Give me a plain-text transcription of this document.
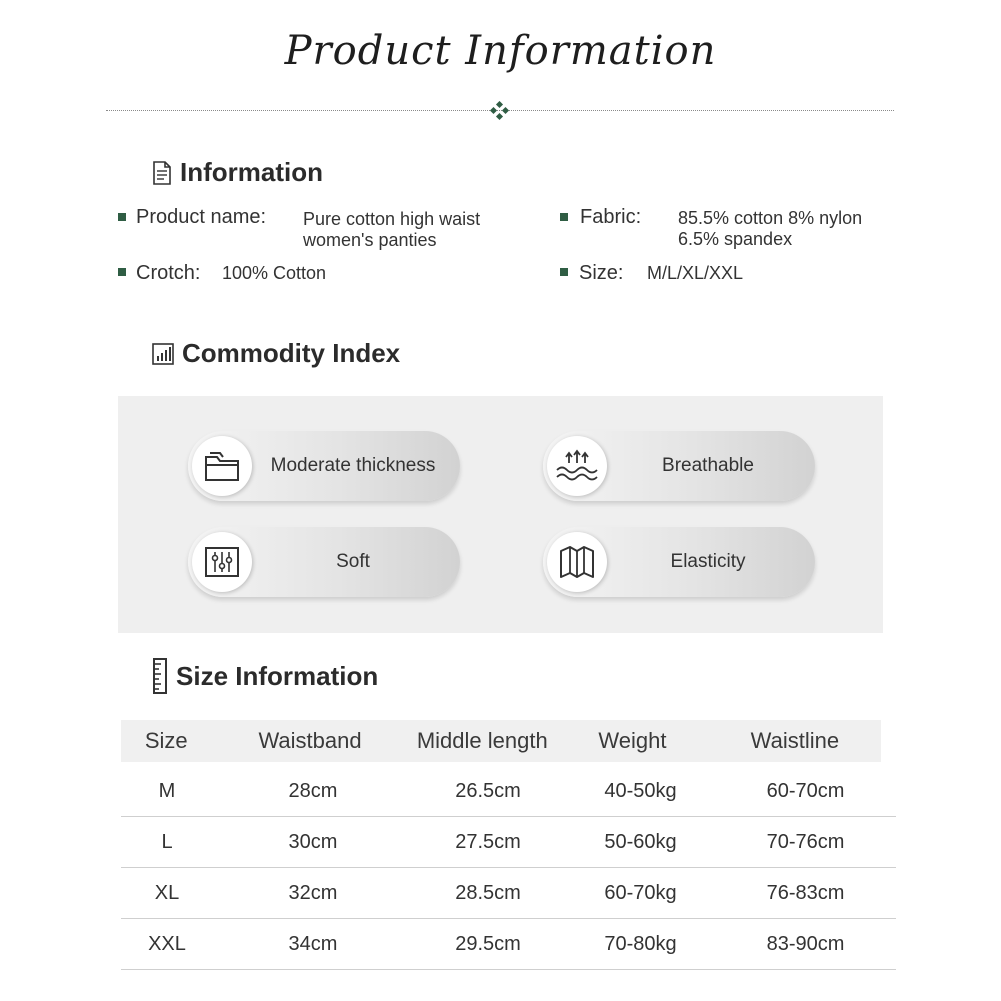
Product Information
Information
Product name: Pure cotton high waist
women's panties
Fabric: 85.5% cotton 8% nylon
6.5% spandex
Crotch: 100% Cotton	Size: M/L/XL/XXL
Commodity Index
Moderate thickness	Breathable
Soft	Elasticity
Size Information
Size	Waistband	Middle length	Weight	Waistline
M	28cm	26.5cm	40-50kg	60-70cm
L	30cm	27.5cm	50-60kg	70-76cm
XL	32cm	28.5cm	60-70kg	76-83cm
XXL	34cm	29.5cm	70-80kg	83-90cm
